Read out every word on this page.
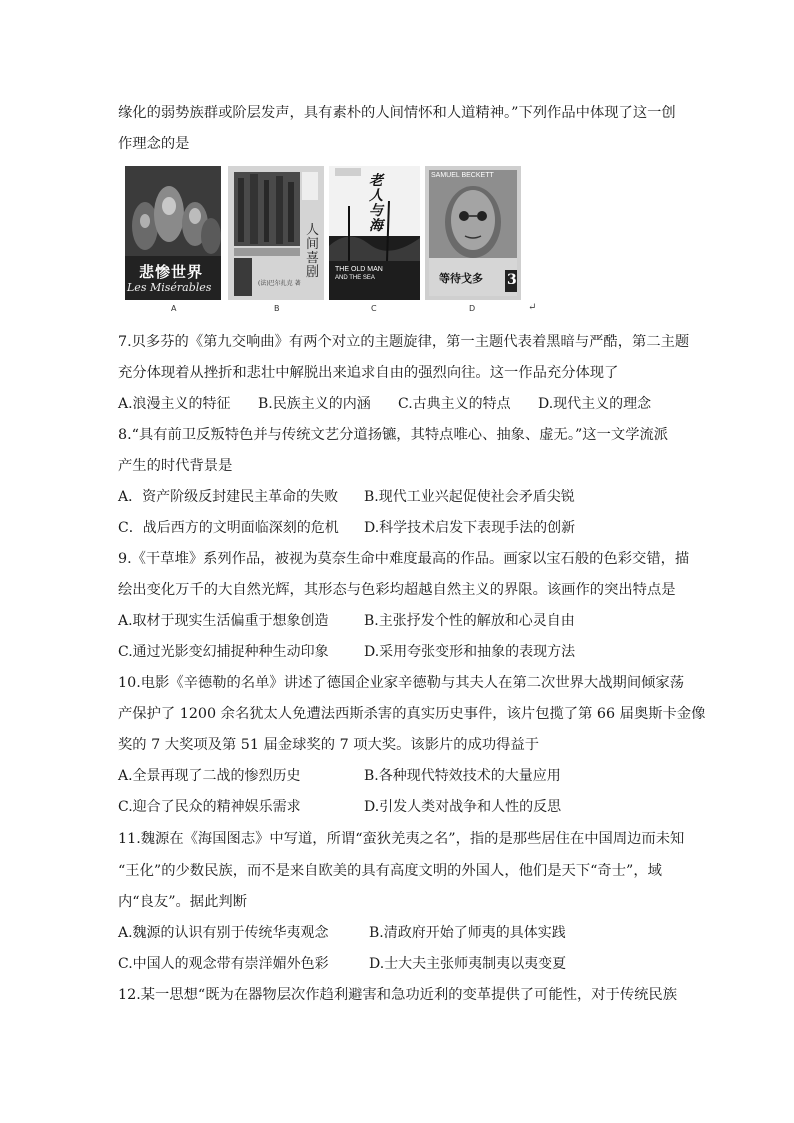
缘化的弱势族群或阶层发声，具有素朴的人间情怀和人道精神。”下列作品中体现了这一创
作理念的是
悲惨世界
Les Misérables
A
人间喜剧
(法)巴尔扎克 著
B
老人与海
THE OLD MAN
AND THE SEA
C
SAMUEL BECKETT
等待戈多 3
D	↵
7.贝多芬的《第九交响曲》有两个对立的主题旋律，第一主题代表着黑暗与严酷，第二主题
充分体现着从挫折和悲壮中解脱出来追求自由的强烈向往。这一作品充分体现了
A.浪漫主义的特征 B.民族主义的内涵 C.古典主义的特点 D.现代主义的理念
8.“具有前卫反叛特色并与传统文艺分道扬镳，其特点唯心、抽象、虚无。”这一文学流派
产生的时代背景是
A．资产阶级反封建民主革命的失败 B.现代工业兴起促使社会矛盾尖锐
C．战后西方的文明面临深刻的危机 D.科学技术启发下表现手法的创新
9.《干草堆》系列作品，被视为莫奈生命中难度最高的作品。画家以宝石般的色彩交错，描
绘出变化万千的大自然光辉，其形态与色彩均超越自然主义的界限。该画作的突出特点是
A.取材于现实生活偏重于想象创造	B.主张抒发个性的解放和心灵自由
C.通过光影变幻捕捉种种生动印象	D.采用夸张变形和抽象的表现方法
10.电影《辛德勒的名单》讲述了德国企业家辛德勒与其夫人在第二次世界大战期间倾家荡
产保护了 1200 余名犹太人免遭法西斯杀害的真实历史事件，该片包揽了第 66 届奥斯卡金像
奖的 7 大奖项及第 51 届金球奖的 7 项大奖。该影片的成功得益于
A.全景再现了二战的惨烈历史	B.各种现代特效技术的大量应用
C.迎合了民众的精神娱乐需求	D.引发人类对战争和人性的反思
11.魏源在《海国图志》中写道，所谓“蛮狄羌夷之名”，指的是那些居住在中国周边而未知
“王化”的少数民族，而不是来自欧美的具有高度文明的外国人，他们是天下“奇士”，域
内“良友”。据此判断
A.魏源的认识有别于传统华夷观念	B.清政府开始了师夷的具体实践
C.中国人的观念带有崇洋媚外色彩	D.士大夫主张师夷制夷以夷变夏
12.某一思想“既为在器物层次作趋利避害和急功近利的变革提供了可能性，对于传统民族
